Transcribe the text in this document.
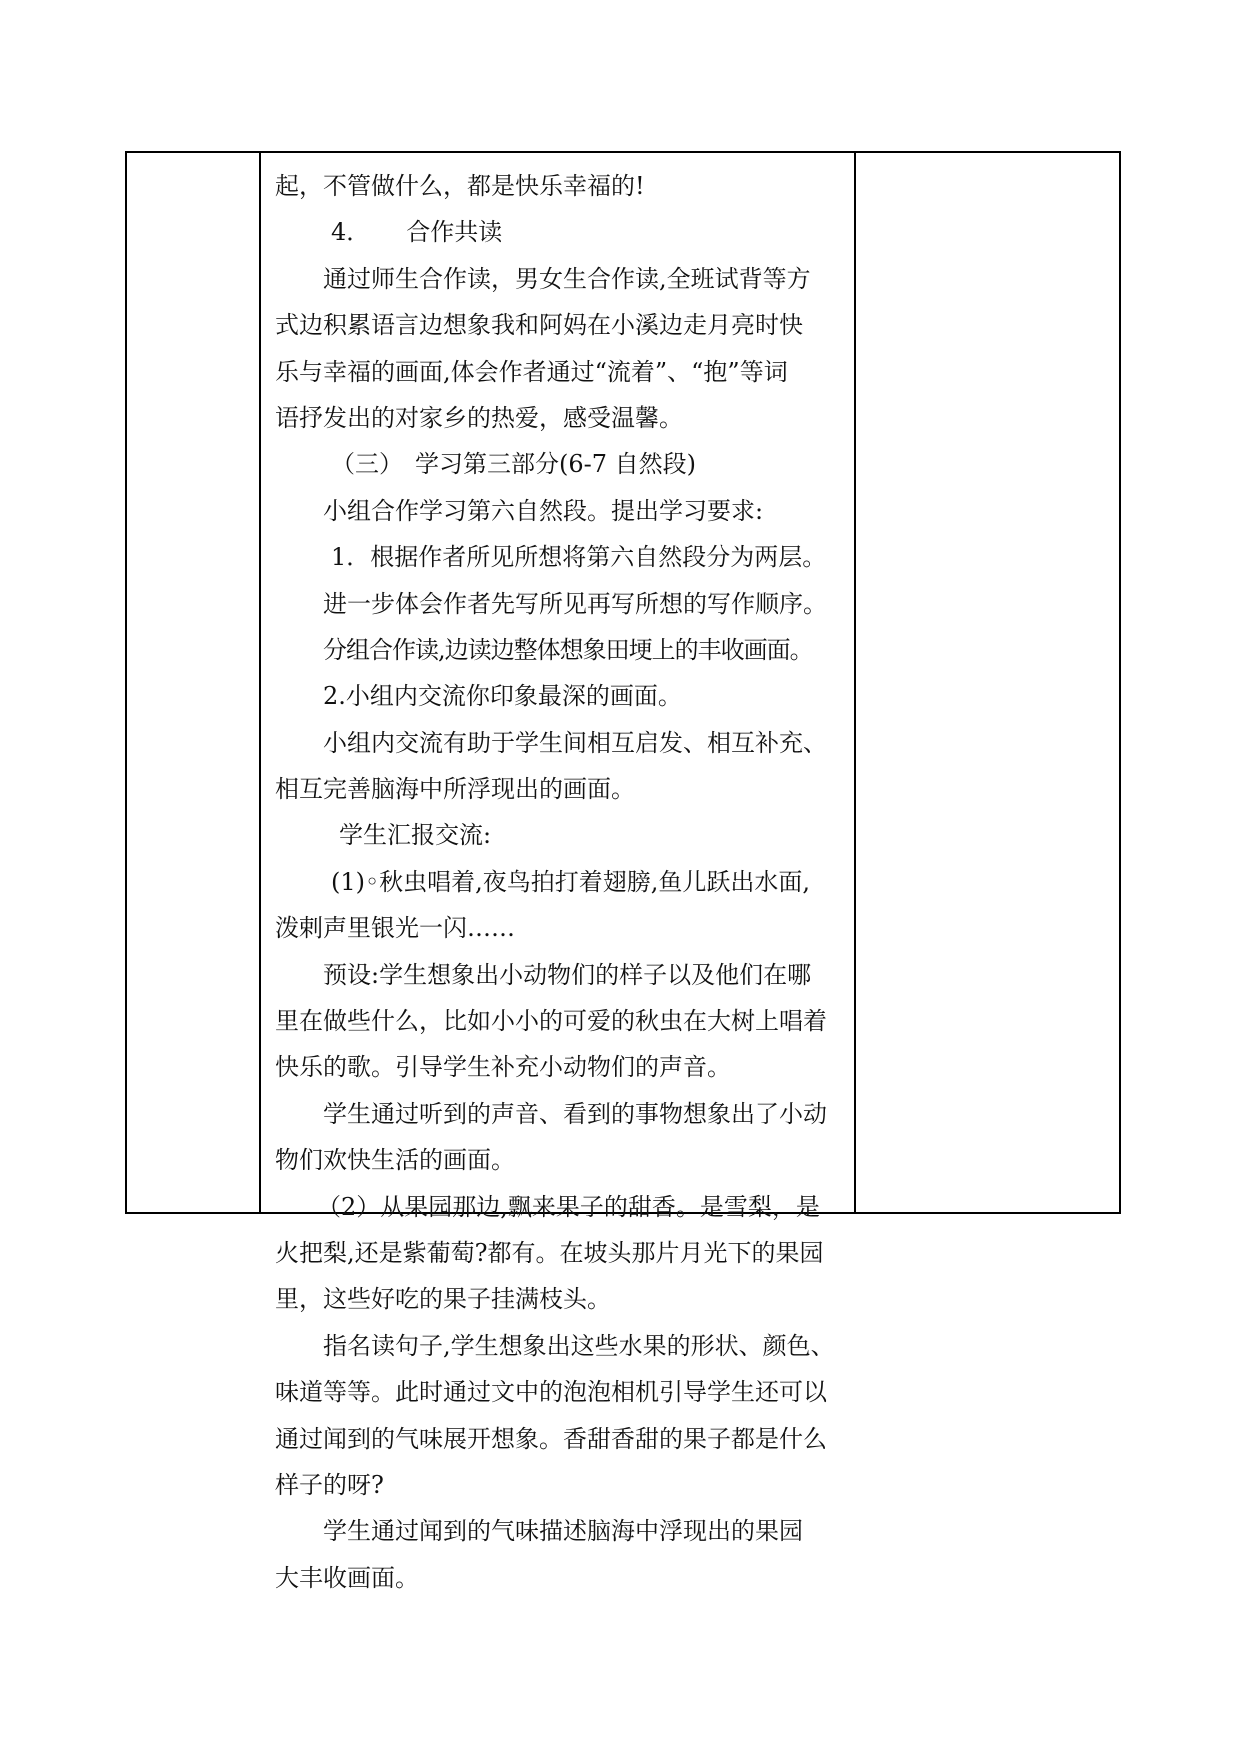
起，不管做什么，都是快乐幸福的!
4．　　合作共读
通过师生合作读，男女生合作读,全班试背等方
式边积累语言边想象我和阿妈在小溪边走月亮时快
乐与幸福的画面,体会作者通过“流着”、“抱”等词
语抒发出的对家乡的热爱，感受温馨。
（三）　学习第三部分(6-7 自然段)
小组合作学习第六自然段。提出学习要求:
1．根据作者所见所想将第六自然段分为两层。
进一步体会作者先写所见再写所想的写作顺序。
分组合作读,边读边整体想象田埂上的丰收画面。
2.小组内交流你印象最深的画面。
小组内交流有助于学生间相互启发、相互补充、
相互完善脑海中所浮现出的画面。
学生汇报交流:
(1)◦秋虫唱着,夜鸟拍打着翅膀,鱼儿跃出水面,
泼剌声里银光一闪……
预设:学生想象出小动物们的样子以及他们在哪
里在做些什么，比如小小的可爱的秋虫在大树上唱着
快乐的歌。引导学生补充小动物们的声音。
学生通过听到的声音、看到的事物想象出了小动
物们欢快生活的画面。
（2）从果园那边,飘来果子的甜香。是雪梨，是
火把梨,还是紫葡萄?都有。在坡头那片月光下的果园
里，这些好吃的果子挂满枝头。
指名读句子,学生想象出这些水果的形状、颜色、
味道等等。此时通过文中的泡泡相机引导学生还可以
通过闻到的气味展开想象。香甜香甜的果子都是什么
样子的呀?
学生通过闻到的气味描述脑海中浮现出的果园
大丰收画面。
